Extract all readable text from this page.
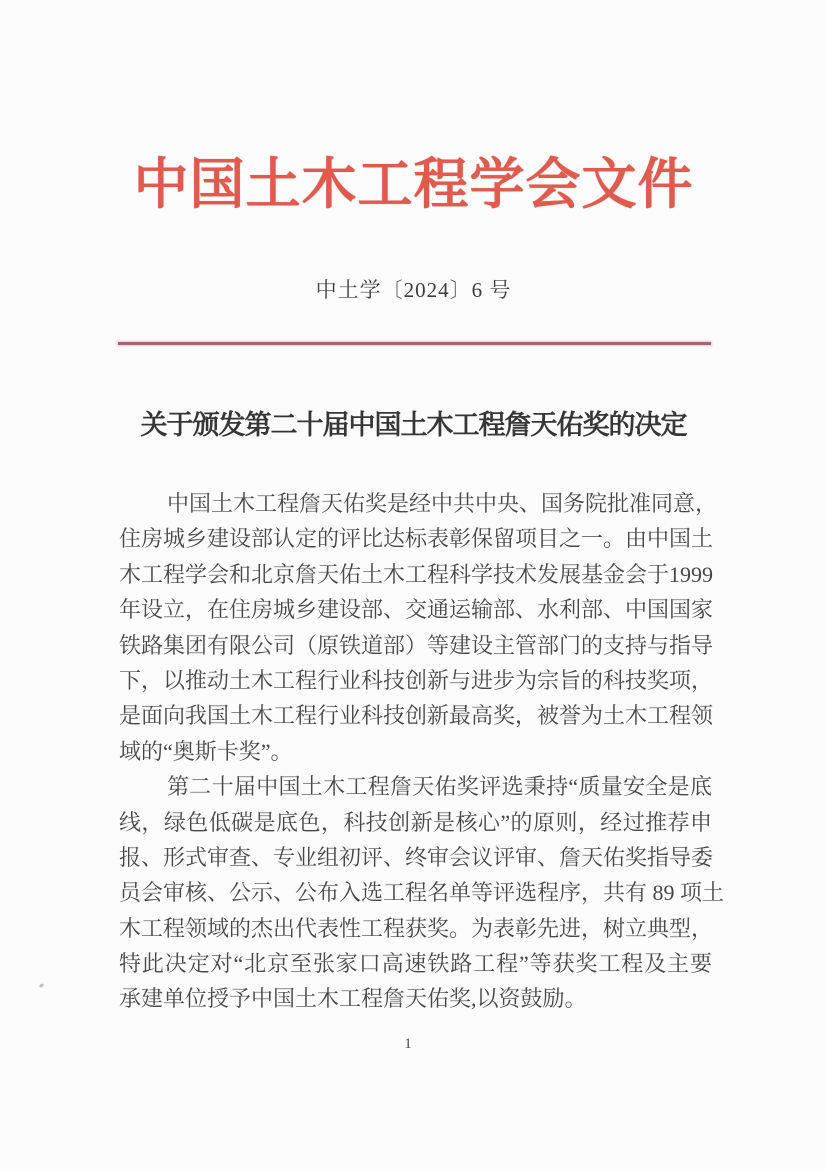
中国土木工程学会文件
中土学〔2024〕6 号
关于颁发第二十届中国土木工程詹天佑奖的决定
中国土木工程詹天佑奖是经中共中央、国务院批准同意，
住房城乡建设部认定的评比达标表彰保留项目之一。由中国土
木工程学会和北京詹天佑土木工程科学技术发展基金会于1999
年设立，在住房城乡建设部、交通运输部、水利部、中国国家
铁路集团有限公司（原铁道部）等建设主管部门的支持与指导
下，以推动土木工程行业科技创新与进步为宗旨的科技奖项，
是面向我国土木工程行业科技创新最高奖，被誉为土木工程领
域的“奥斯卡奖”。
第二十届中国土木工程詹天佑奖评选秉持“质量安全是底
线，绿色低碳是底色，科技创新是核心”的原则，经过推荐申
报、形式审查、专业组初评、终审会议评审、詹天佑奖指导委
员会审核、公示、公布入选工程名单等评选程序，共有 89 项土
木工程领域的杰出代表性工程获奖。为表彰先进，树立典型，
特此决定对“北京至张家口高速铁路工程”等获奖工程及主要
承建单位授予中国土木工程詹天佑奖,以资鼓励。
1
